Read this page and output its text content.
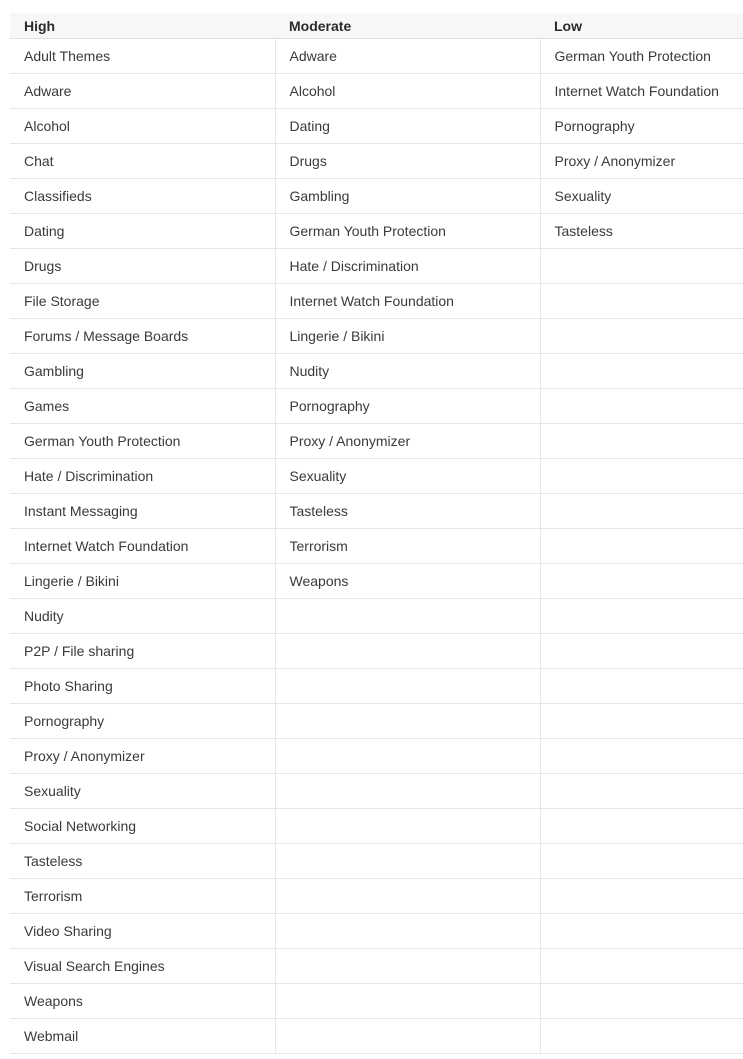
High	Moderate	Low
Adult Themes	Adware	German Youth Protection
Adware	Alcohol	Internet Watch Foundation
Alcohol	Dating	Pornography
Chat	Drugs	Proxy / Anonymizer
Classifieds	Gambling	Sexuality
Dating	German Youth Protection	Tasteless
Drugs	Hate / Discrimination	
File Storage	Internet Watch Foundation	
Forums / Message Boards	Lingerie / Bikini	
Gambling	Nudity	
Games	Pornography	
German Youth Protection	Proxy / Anonymizer	
Hate / Discrimination	Sexuality	
Instant Messaging	Tasteless	
Internet Watch Foundation	Terrorism	
Lingerie / Bikini	Weapons	
Nudity		
P2P / File sharing		
Photo Sharing		
Pornography		
Proxy / Anonymizer		
Sexuality		
Social Networking		
Tasteless		
Terrorism		
Video Sharing		
Visual Search Engines		
Weapons		
Webmail		
